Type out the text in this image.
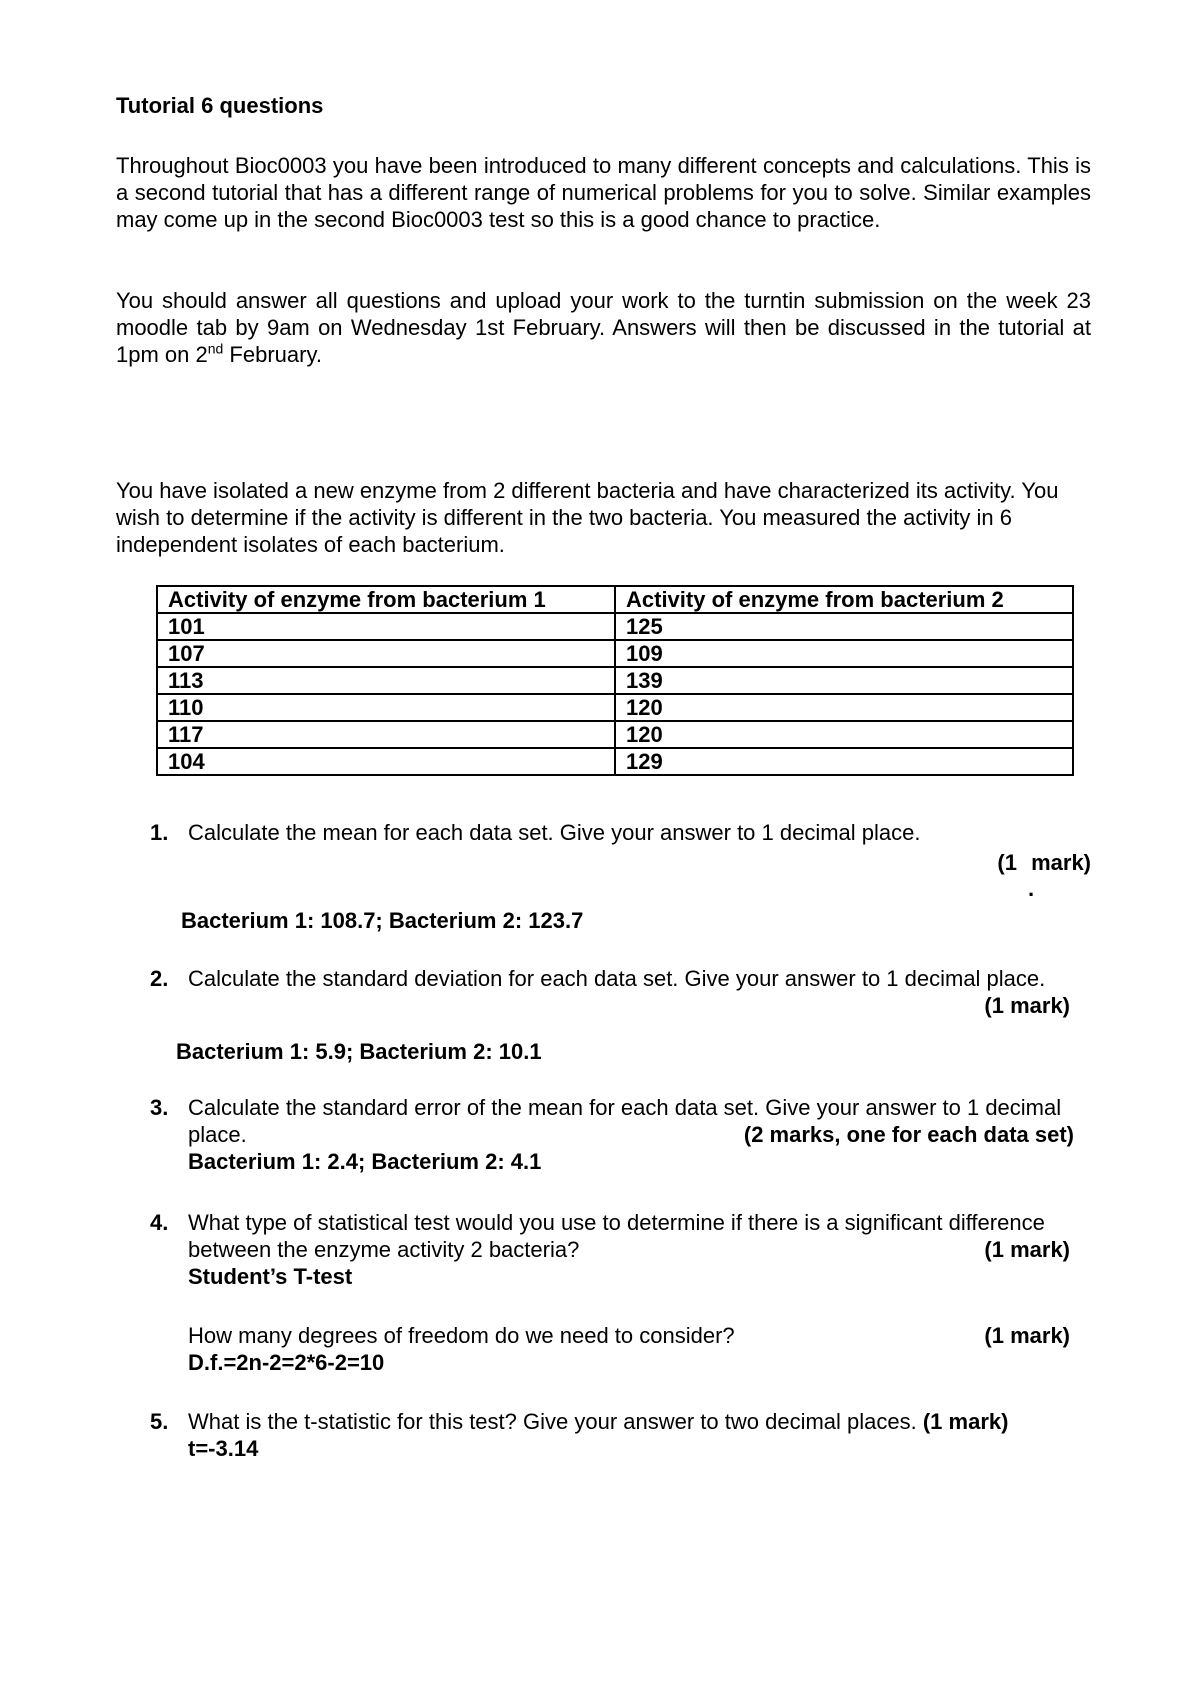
Tutorial 6 questions

Throughout Bioc0003 you have been introduced to many different concepts and calculations. This is a second tutorial that has a different range of numerical problems for you to solve. Similar examples may come up in the second Bioc0003 test so this is a good chance to practice.

You should answer all questions and upload your work to the turntin submission on the week 23 moodle tab by 9am on Wednesday 1st February. Answers will then be discussed in the tutorial at 1pm on 2nd February.

You have isolated a new enzyme from 2 different bacteria and have characterized its activity. You wish to determine if the activity is different in the two bacteria. You measured the activity in 6 independent isolates of each bacterium.

Activity of enzyme from bacterium 1	Activity of enzyme from bacterium 2
101	125
107	109
113	139
110	120
117	120
104	129
1. Calculate the mean for each data set. Give your answer to 1 decimal place.
(1 mark)
.
Bacterium 1: 108.7; Bacterium 2: 123.7
2. Calculate the standard deviation for each data set. Give your answer to 1 decimal place.
(1 mark)
Bacterium 1: 5.9; Bacterium 2: 10.1
3. Calculate the standard error of the mean for each data set. Give your answer to 1 decimal place.	(2 marks, one for each data set)
Bacterium 1: 2.4; Bacterium 2: 4.1
4. What type of statistical test would you use to determine if there is a significant difference between the enzyme activity 2 bacteria?	(1 mark)
Student’s T-test
How many degrees of freedom do we need to consider?	(1 mark)
D.f.=2n-2=2*6-2=10
5. What is the t-statistic for this test? Give your answer to two decimal places. (1 mark)
t=-3.14
